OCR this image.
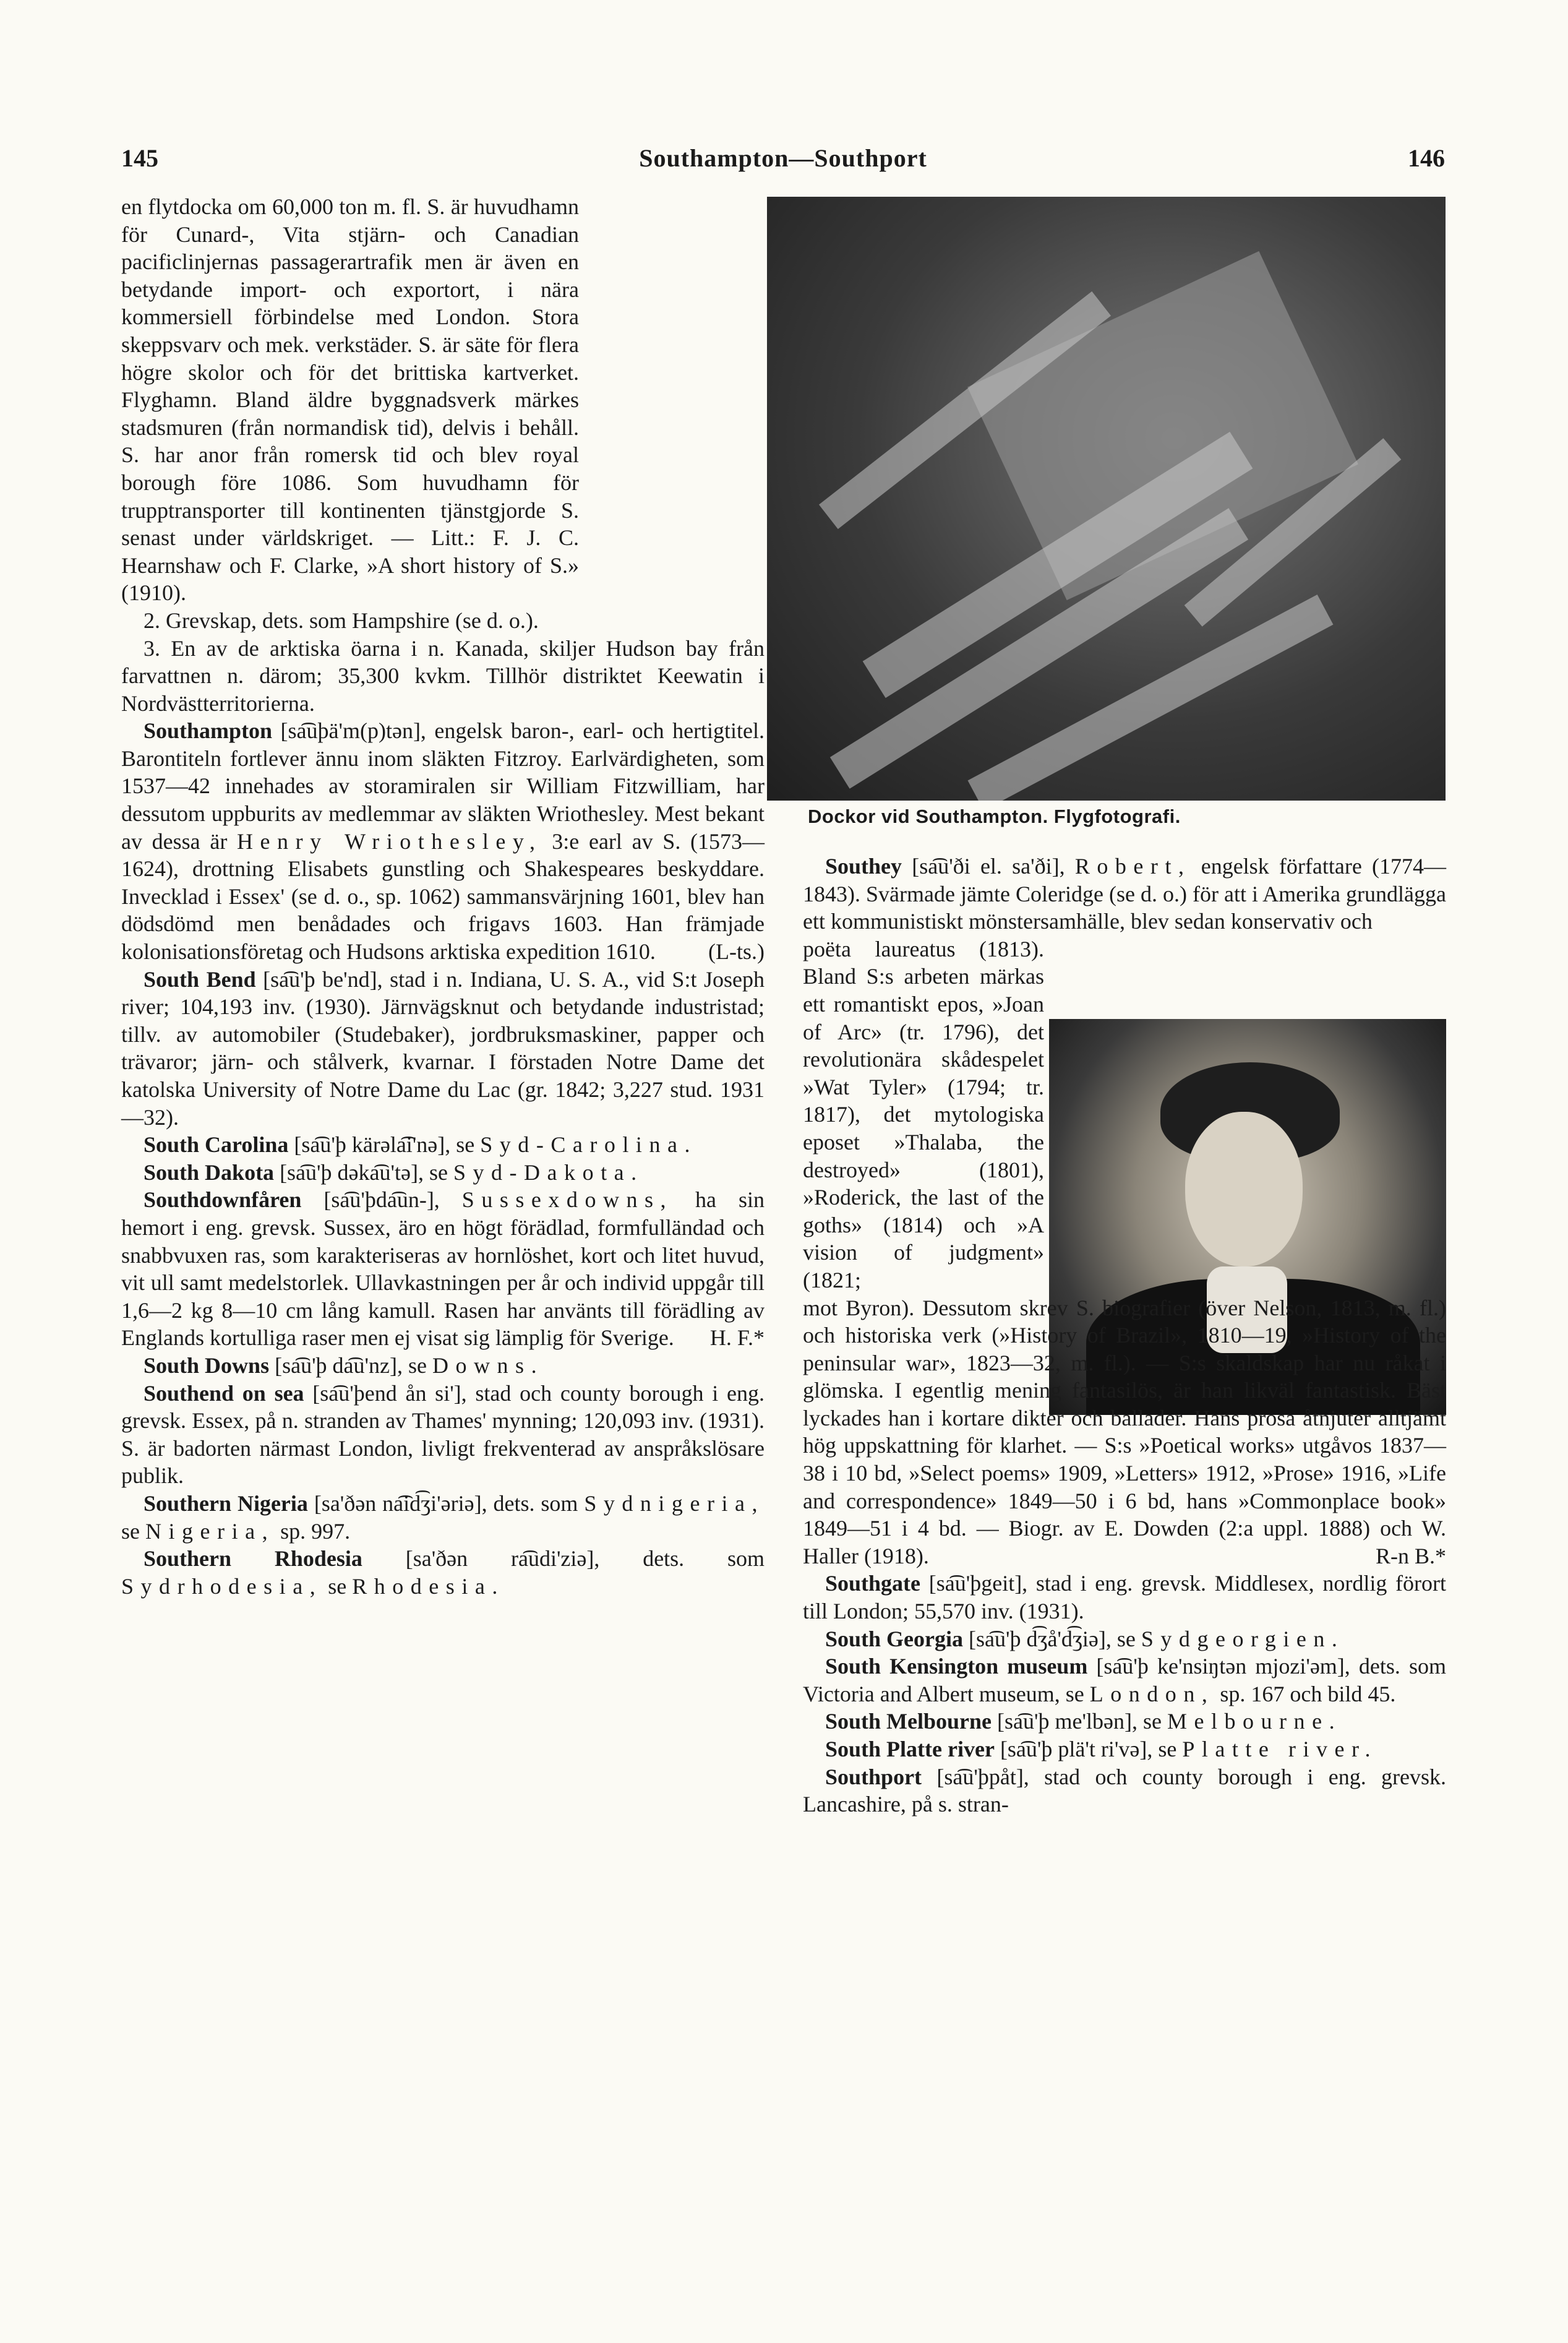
145	Southampton—Southport	146
Dockor vid Southampton. Flygfotografi.

en flytdocka om 60,000 ton m. fl. S. är huvudhamn för Cunard-, Vita stjärn- och Canadian pacificlinjernas passagerartrafik men är även en betydande import- och exportort, i nära kommersiell förbindelse med London. Stora skeppsvarv och mek. verkstäder. S. är säte för flera högre skolor och för det brittiska kartverket. Flyghamn. Bland äldre byggnadsverk märkes stadsmuren (från normandisk tid), delvis i behåll. S. har anor från romersk tid och blev royal borough före 1086. Som huvudhamn för trupptransporter till kontinenten tjänstgjorde S. senast under världskriget. — Litt.: F. J. C. Hearnshaw och F. Clarke, »A short history of S.» (1910).

2. Grevskap, dets. som Hampshire (se d. o.).

3. En av de arktiska öarna i n. Kanada, skiljer Hudson bay från farvattnen n. därom; 35,300 kvkm. Tillhör distriktet Keewatin i Nordvästterritorierna.

Southampton [sa͡uþä'm(p)tən], engelsk baron-, earl- och hertigtitel. Barontiteln fortlever ännu inom släkten Fitzroy. Earlvärdigheten, som 1537—42 innehades av storamiralen sir William Fitzwilliam, har dessutom uppburits av medlemmar av släkten Wriothesley. Mest bekant av dessa är Henry Wriothesley, 3:e earl av S. (1573—1624), drottning Elisabets gunstling och Shakespeares beskyddare. Invecklad i Essex' (se d. o., sp. 1062) sammansvärjning 1601, blev han dödsdömd men benådades och frigavs 1603. Han främjade kolonisationsföretag och Hudsons arktiska expedition 1610.	(L-ts.)

South Bend [sa͡u'þ be'nd], stad i n. Indiana, U. S. A., vid S:t Joseph river; 104,193 inv. (1930). Järnvägsknut och betydande industristad; tillv. av automobiler (Studebaker), jordbruksmaskiner, papper och trävaror; järn- och stålverk, kvarnar. I förstaden Notre Dame det katolska University of Notre Dame du Lac (gr. 1842; 3,227 stud. 1931—32).

South Carolina [sa͡u'þ kärəla͡i'nə], se Syd-Carolina.

South Dakota [sa͡u'þ dəka͡u'tə], se Syd-Dakota.

Southdownfåren [sa͡u'þda͡un-], Sussexdowns, ha sin hemort i eng. grevsk. Sussex, äro en högt förädlad, formfulländad och snabbvuxen ras, som karakteriseras av hornlöshet, kort och litet huvud, vit ull samt medelstorlek. Ullavkastningen per år och individ uppgår till 1,6—2 kg 8—10 cm lång kamull. Rasen har använts till förädling av Englands kortulliga raser men ej visat sig lämplig för Sverige.	H. F.*

South Downs [sa͡u'þ da͡u'nz], se Downs.

Southend on sea [sa͡u'þend ån si'], stad och county borough i eng. grevsk. Essex, på n. stranden av Thames' mynning; 120,093 inv. (1931). S. är badorten närmast London, livligt frekventerad av anspråkslösare publik.

Southern Nigeria [sa'ðən na͡id͡ʒi'əriə], dets. som Sydnigeria, se Nigeria, sp. 997.

Southern Rhodesia [sa'ðən ra͡udi'ziə], dets. som Sydrhodesia, se Rhodesia.

Southey [sa͡u'ði el. sa'ði], Robert, engelsk författare (1774—1843). Svärmade jämte Coleridge (se d. o.) för att i Amerika grundlägga ett kommunistiskt mönstersamhälle, blev sedan konservativ och

poëta laureatus (1813). Bland S:s arbeten märkas ett romantiskt epos, »Joan of Arc» (tr. 1796), det revolutionära skådespelet »Wat Tyler» (1794; tr. 1817), det mytologiska eposet »Thalaba, the destroyed» (1801), »Roderick, the last of the goths» (1814) och »A vision of judgment» (1821;

mot Byron). Dessutom skrev S. biografier (över Nelson, 1813, m. fl.) och historiska verk (»History of Brazil», 1810—19, »History of the peninsular war», 1823—32, m. fl.). — S:s skaldskap har nu råkat i glömska. I egentlig mening fantasilös, är han likväl fantastisk. Bäst lyckades han i kortare dikter och ballader. Hans prosa åtnjuter alltjämt hög uppskattning för klarhet. — S:s »Poetical works» utgåvos 1837—38 i 10 bd, »Select poems» 1909, »Letters» 1912, »Prose» 1916, »Life and correspondence» 1849—50 i 6 bd, hans »Commonplace book» 1849—51 i 4 bd. — Biogr. av E. Dowden (2:a uppl. 1888) och W. Haller (1918).	R-n B.*

Southgate [sa͡u'þgeit], stad i eng. grevsk. Middlesex, nordlig förort till London; 55,570 inv. (1931).

South Georgia [sa͡u'þ d͡ʒå'd͡ʒiə], se Sydgeorgien.

South Kensington museum [sa͡u'þ ke'nsiŋtən mjozi'əm], dets. som Victoria and Albert museum, se London, sp. 167 och bild 45.

South Melbourne [sa͡u'þ me'lbən], se Melbourne.

South Platte river [sa͡u'þ plä't ri'və], se Platte river.

Southport [sa͡u'þpåt], stad och county borough i eng. grevsk. Lancashire, på s. stran-
